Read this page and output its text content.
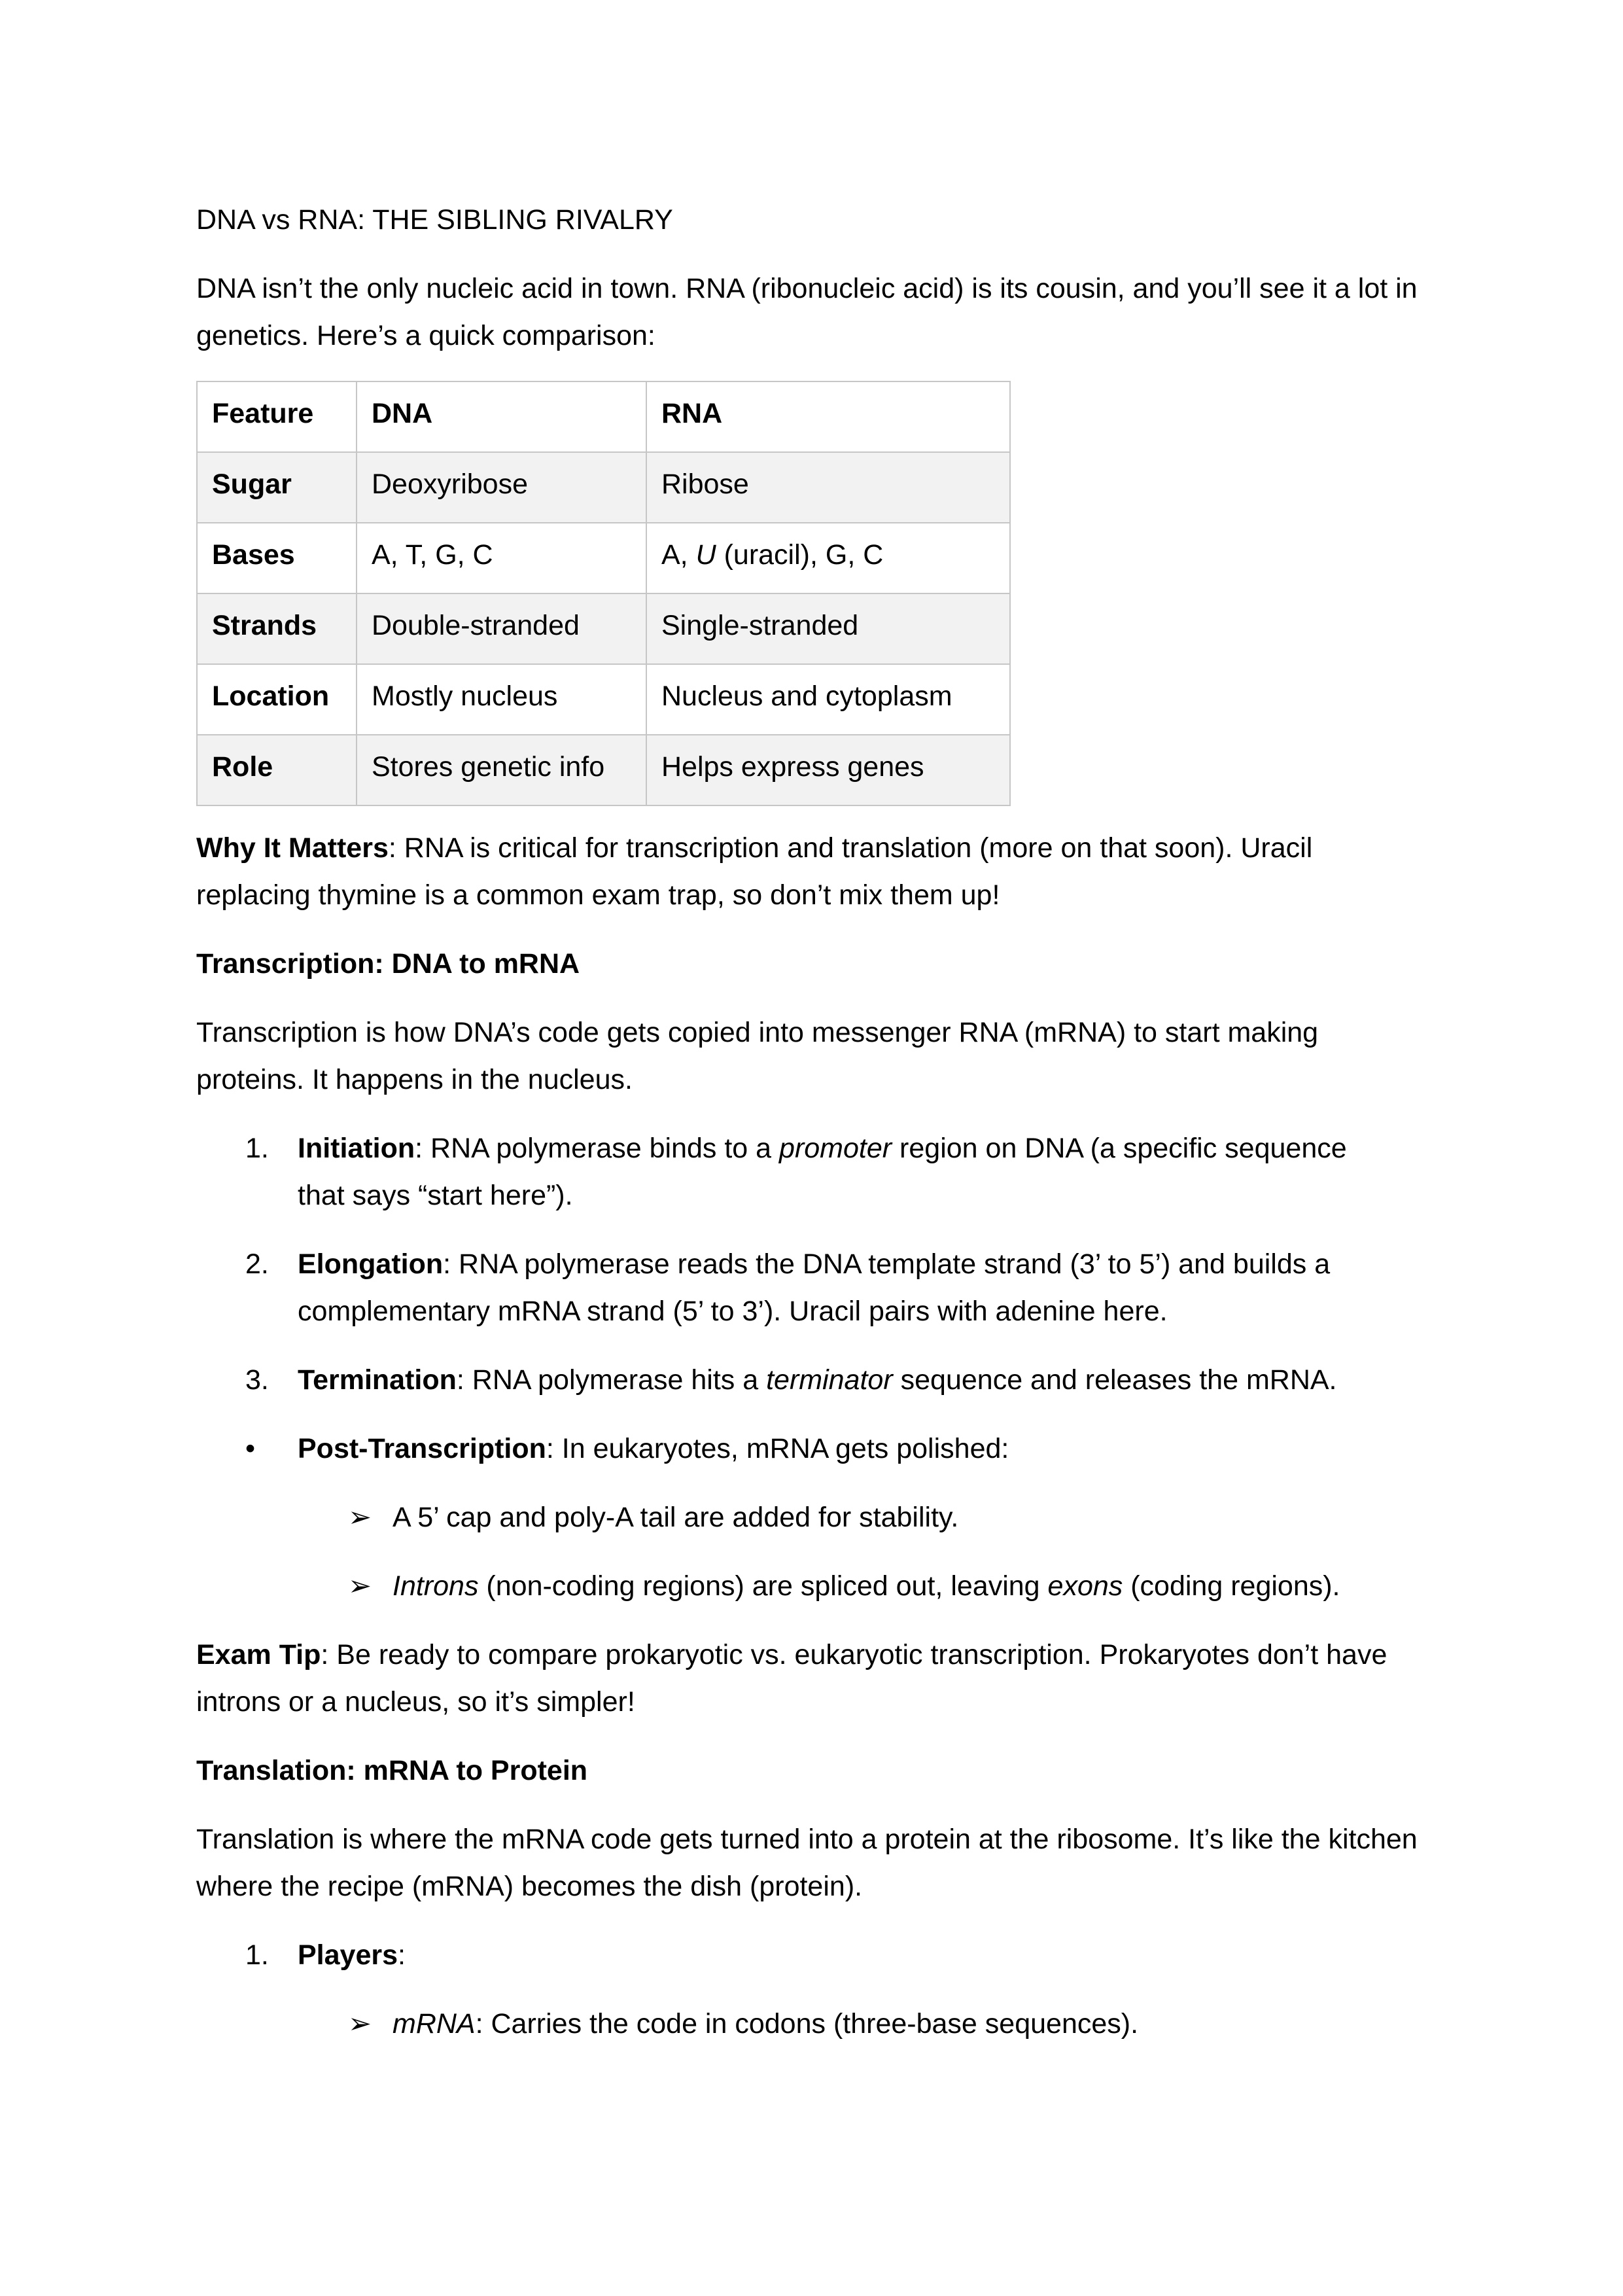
DNA vs RNA: THE SIBLING RIVALRY

DNA isn’t the only nucleic acid in town. RNA (ribonucleic acid) is its cousin, and you’ll see it a lot in genetics. Here’s a quick comparison:

Feature	DNA	RNA
Sugar	Deoxyribose	Ribose
Bases	A, T, G, C	A, U (uracil), G, C
Strands	Double-stranded	Single-stranded
Location	Mostly nucleus	Nucleus and cytoplasm
Role	Stores genetic info	Helps express genes

Why It Matters: RNA is critical for transcription and translation (more on that soon). Uracil replacing thymine is a common exam trap, so don’t mix them up!

Transcription: DNA to mRNA

Transcription is how DNA’s code gets copied into messenger RNA (mRNA) to start making proteins. It happens in the nucleus.

1.	Initiation: RNA polymerase binds to a promoter region on DNA (a specific sequence that says “start here”).
2.	Elongation: RNA polymerase reads the DNA template strand (3’ to 5’) and builds a complementary mRNA strand (5’ to 3’). Uracil pairs with adenine here.
3.	Termination: RNA polymerase hits a terminator sequence and releases the mRNA.
•	Post-Transcription: In eukaryotes, mRNA gets polished:
➢ A 5’ cap and poly-A tail are added for stability.
➢ Introns (non-coding regions) are spliced out, leaving exons (coding regions).

Exam Tip: Be ready to compare prokaryotic vs. eukaryotic transcription. Prokaryotes don’t have introns or a nucleus, so it’s simpler!

Translation: mRNA to Protein

Translation is where the mRNA code gets turned into a protein at the ribosome. It’s like the kitchen where the recipe (mRNA) becomes the dish (protein).

1.	Players:
➢ mRNA: Carries the code in codons (three-base sequences).
